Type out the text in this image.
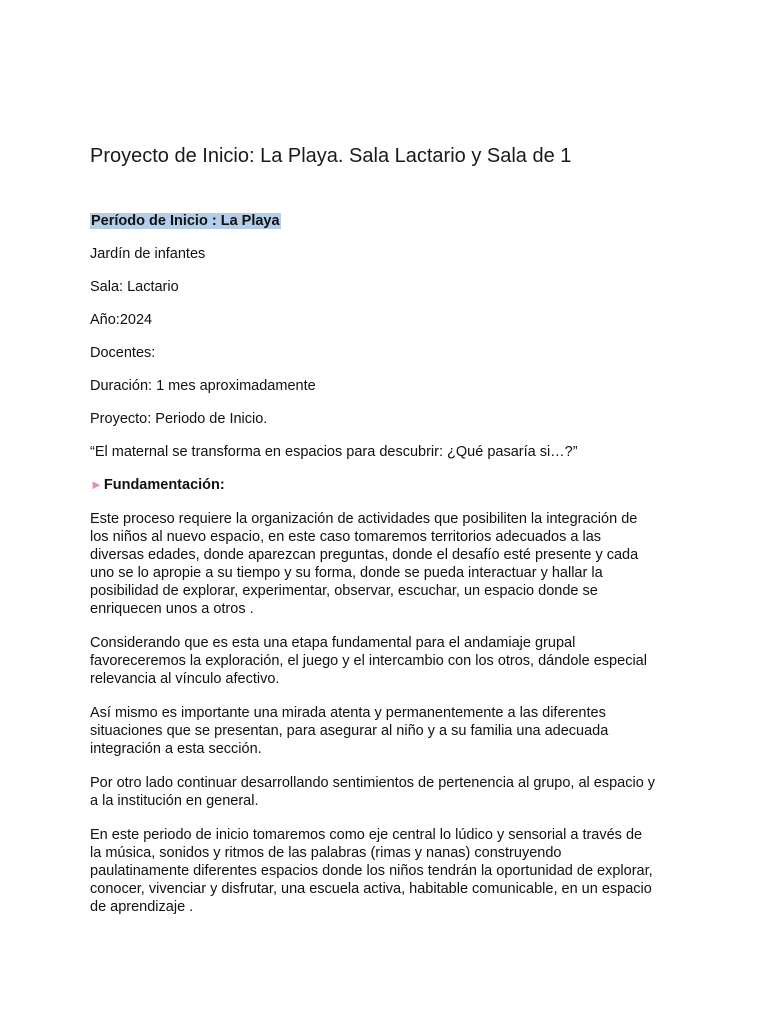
Proyecto de Inicio: La Playa. Sala Lactario y Sala de 1

Período de Inicio : La Playa

Jardín de infantes

Sala: Lactario

Año:2024

Docentes:

Duración: 1 mes aproximadamente

Proyecto: Periodo de Inicio.

“El maternal se transforma en espacios para descubrir: ¿Qué pasaría si…?”

►Fundamentación:

Este proceso requiere la organización de actividades que posibiliten la integración de
los niños al nuevo espacio, en este caso tomaremos territorios adecuados a las
diversas edades, donde aparezcan preguntas, donde el desafío esté presente y cada
uno se lo apropie a su tiempo y su forma, donde se pueda interactuar y hallar la
posibilidad de explorar, experimentar, observar, escuchar, un espacio donde se
enriquecen unos a otros .
Considerando que es esta una etapa fundamental para el andamiaje grupal
favoreceremos la exploración, el juego y el intercambio con los otros, dándole especial
relevancia al vínculo afectivo.
Así mismo es importante una mirada atenta y permanentemente a las diferentes
situaciones que se presentan, para asegurar al niño y a su familia una adecuada
integración a esta sección.
Por otro lado continuar desarrollando sentimientos de pertenencia al grupo, al espacio y
a la institución en general.
En este periodo de inicio tomaremos como eje central lo lúdico y sensorial a través de
la música, sonidos y ritmos de las palabras (rimas y nanas) construyendo
paulatinamente diferentes espacios donde los niños tendrán la oportunidad de explorar,
conocer, vivenciar y disfrutar, una escuela activa, habitable comunicable, en un espacio
de aprendizaje .
